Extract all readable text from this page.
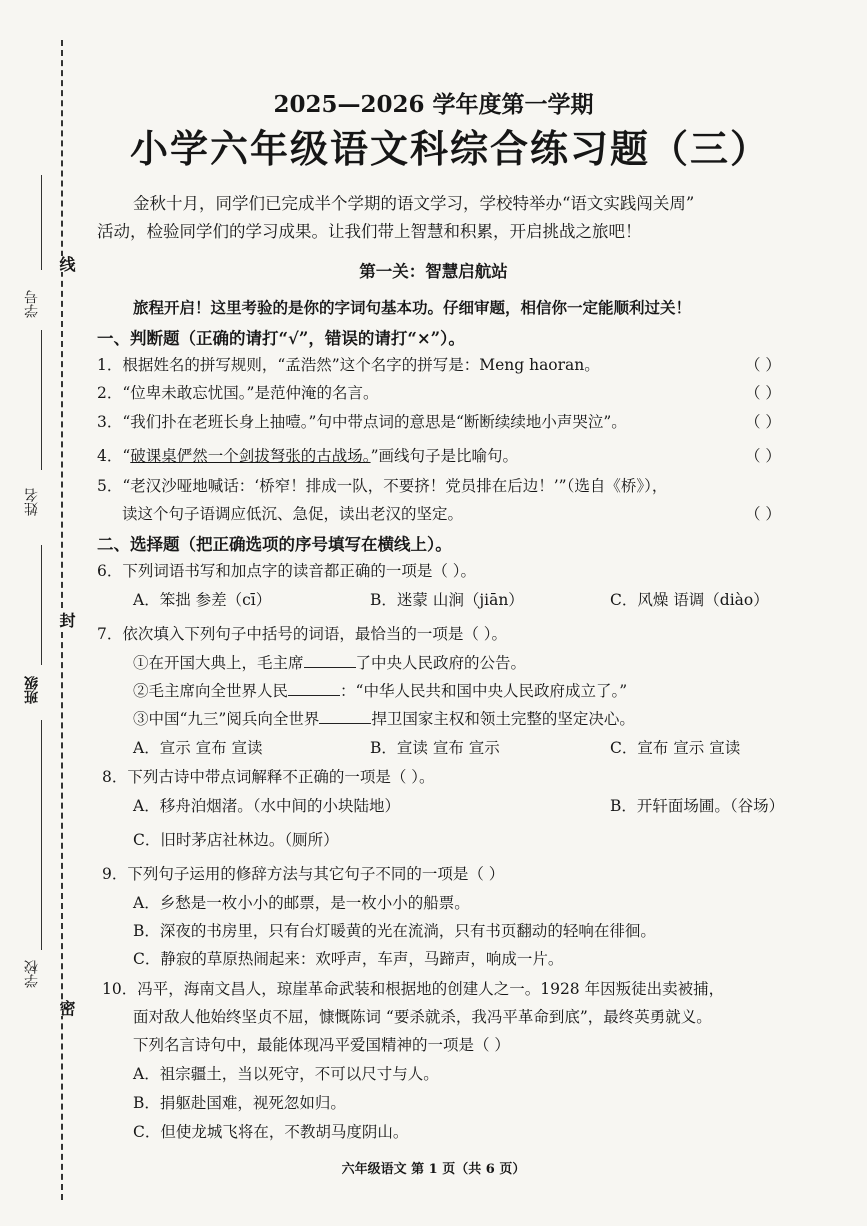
线
封
密
学号
姓名
班级
学校
2025—2026 学年度第一学期
小学六年级语文科综合练习题（三）
金秋十月，同学们已完成半个学期的语文学习，学校特举办“语文实践闯关周”
活动，检验同学们的学习成果。让我们带上智慧和积累，开启挑战之旅吧！
第一关：智慧启航站
旅程开启！这里考验的是你的字词句基本功。仔细审题，相信你一定能顺利过关！
一、判断题（正确的请打“√”，错误的请打“×”）。
1．根据姓名的拼写规则，“孟浩然”这个名字的拼写是：Meng haoran。	（ ）
2．“位卑未敢忘忧国。”是范仲淹的名言。	（ ）
3．“我们扑在老班长身上抽噎。”句中带点词的意思是“断断续续地小声哭泣”。	（ ）
4．“破课桌俨然一个剑拔弩张的古战场。”画线句子是比喻句。	（ ）
5．“老汉沙哑地喊话：‘桥窄！排成一队，不要挤！党员排在后边！’”（选自《桥》），
读这个句子语调应低沉、急促，读出老汉的坚定。	（ ）
二、选择题（把正确选项的序号填写在横线上）。
6．下列词语书写和加点字的读音都正确的一项是（ ）。
A．笨拙 参差（cī）	B．迷蒙 山涧（jiān）	C．风燥 语调（diào）
7．依次填入下列句子中括号的词语，最恰当的一项是（ ）。
①在开国大典上，毛主席	了中央人民政府的公告。
②毛主席向全世界人民	：“中华人民共和国中央人民政府成立了。”
③中国“九三”阅兵向全世界	捍卫国家主权和领土完整的坚定决心。
A．宣示 宣布 宣读	B．宣读 宣布 宣示	C．宣布 宣示 宣读
8．下列古诗中带点词解释不正确的一项是（ ）。
A．移舟泊烟渚。（水中间的小块陆地）	B．开轩面场圃。（谷场）
C．旧时茅店社林边。（厕所）
9．下列句子运用的修辞方法与其它句子不同的一项是（ ）
A．乡愁是一枚小小的邮票，是一枚小小的船票。
B．深夜的书房里，只有台灯暖黄的光在流淌，只有书页翻动的轻响在徘徊。
C．静寂的草原热闹起来：欢呼声，车声，马蹄声，响成一片。
10．冯平，海南文昌人，琼崖革命武装和根据地的创建人之一。1928 年因叛徒出卖被捕，
面对敌人他始终坚贞不屈，慷慨陈词 “要杀就杀，我冯平革命到底”，最终英勇就义。
下列名言诗句中，最能体现冯平爱国精神的一项是（ ）
A．祖宗疆土，当以死守，不可以尺寸与人。
B．捐躯赴国难，视死忽如归。
C．但使龙城飞将在，不教胡马度阴山。
六年级语文 第 1 页（共 6 页）
